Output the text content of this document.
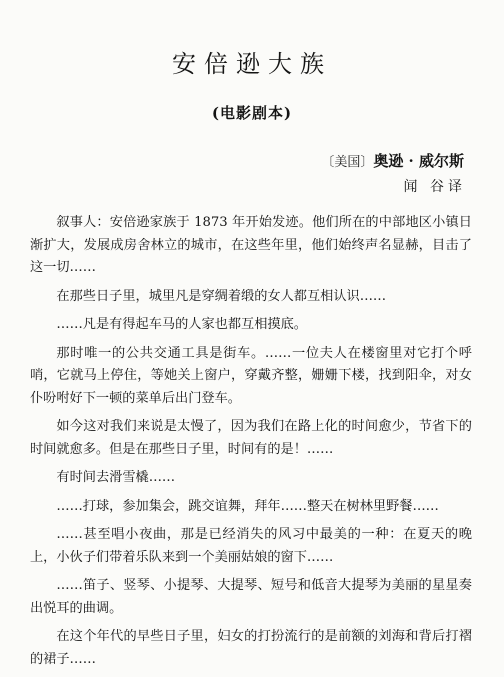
安倍逊大族
(电影剧本)
〔美国〕奥逊 · 威尔斯
闻 谷译

叙事人：安倍逊家族于 1873 年开始发迹。他们所在的中部地区小镇日渐扩大，发展成房舍林立的城市，在这些年里，他们始终声名显赫，目击了这一切……

在那些日子里，城里凡是穿绸着缎的女人都互相认识……

……凡是有得起车马的人家也都互相摸底。

那时唯一的公共交通工具是街车。……一位夫人在楼窗里对它打个呼哨，它就马上停住，等她关上窗户，穿戴齐整，姗姗下楼，找到阳伞，对女仆吩咐好下一顿的菜单后出门登车。

如今这对我们来说是太慢了，因为我们在路上化的时间愈少，节省下的时间就愈多。但是在那些日子里，时间有的是！……

有时间去滑雪橇……

……打球，参加集会，跳交谊舞，拜年……整天在树林里野餐……

……甚至唱小夜曲，那是已经消失的风习中最美的一种：在夏天的晚上，小伙子们带着乐队来到一个美丽姑娘的窗下……

……笛子、竖琴、小提琴、大提琴、短号和低音大提琴为美丽的星星奏出悦耳的曲调。

在这个年代的早些日子里，妇女的打扮流行的是前额的刘海和背后打褶的裙子……
